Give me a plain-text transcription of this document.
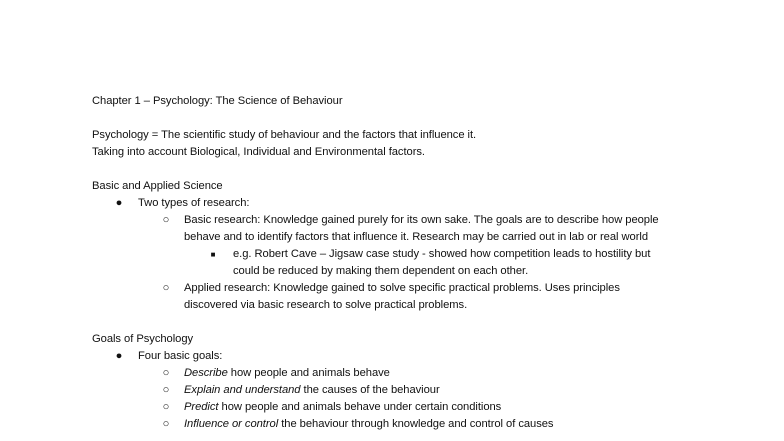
Chapter 1 – Psychology: The Science of Behaviour
Psychology = The scientific study of behaviour and the factors that influence it.
Taking into account Biological, Individual and Environmental factors.
Basic and Applied Science
●	Two types of research:
○	Basic research: Knowledge gained purely for its own sake. The goals are to describe how people
behave and to identify factors that influence it. Research may be carried out in lab or real world
■	e.g. Robert Cave – Jigsaw case study - showed how competition leads to hostility but
could be reduced by making them dependent on each other.
○	Applied research: Knowledge gained to solve specific practical problems. Uses principles
discovered via basic research to solve practical problems.
Goals of Psychology
●	Four basic goals:
○	Describe how people and animals behave
○	Explain and understand the causes of the behaviour
○	Predict how people and animals behave under certain conditions
○	Influence or control the behaviour through knowledge and control of causes
